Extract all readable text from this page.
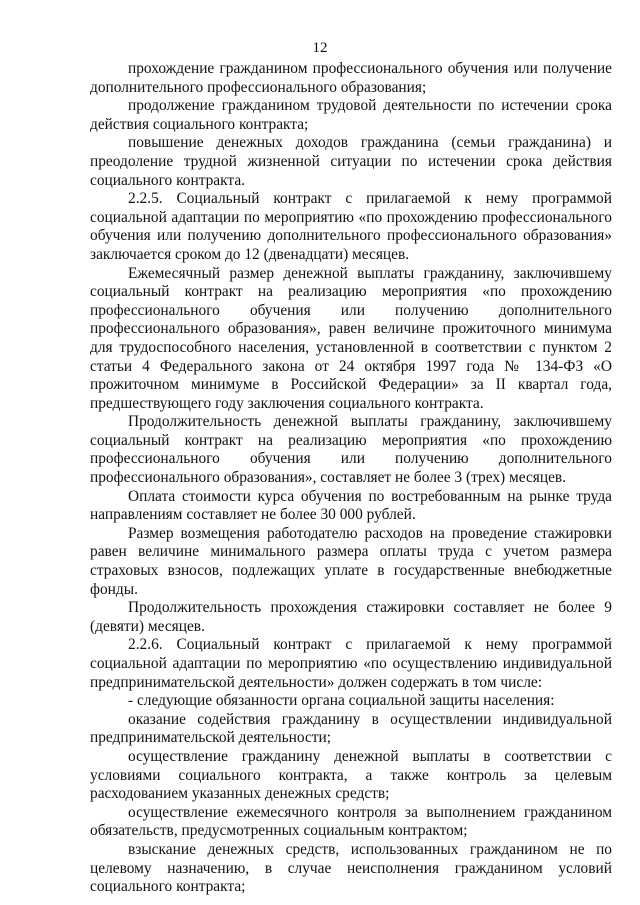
12

прохождение гражданином профессионального обучения или получение дополнительного профессионального образования;

продолжение гражданином трудовой деятельности по истечении срока действия социального контракта;

повышение денежных доходов гражданина (семьи гражданина) и преодоление трудной жизненной ситуации по истечении срока действия социального контракта.

2.2.5. Социальный контракт с прилагаемой к нему программой социальной адаптации по мероприятию «по прохождению профессионального обучения или получению дополнительного профессионального образования» заключается сроком до 12 (двенадцати) месяцев.

Ежемесячный размер денежной выплаты гражданину, заключившему социальный контракт на реализацию мероприятия «по прохождению профессионального обучения или получению дополнительного профессионального образования», равен величине прожиточного минимума для трудоспособного населения, установленной в соответствии с пунктом 2 статьи 4 Федерального закона от 24 октября 1997 года № 134-ФЗ «О прожиточном минимуме в Российской Федерации» за II квартал года, предшествующего году заключения социального контракта.

Продолжительность денежной выплаты гражданину, заключившему социальный контракт на реализацию мероприятия «по прохождению профессионального обучения или получению дополнительного профессионального образования», составляет не более 3 (трех) месяцев.

Оплата стоимости курса обучения по востребованным на рынке труда направлениям составляет не более 30 000 рублей.

Размер возмещения работодателю расходов на проведение стажировки равен величине минимального размера оплаты труда с учетом размера страховых взносов, подлежащих уплате в государственные внебюджетные фонды.

Продолжительность прохождения стажировки составляет не более 9 (девяти) месяцев.

2.2.6. Социальный контракт с прилагаемой к нему программой социальной адаптации по мероприятию «по осуществлению индивидуальной предпринимательской деятельности» должен содержать в том числе:

- следующие обязанности органа социальной защиты населения:

оказание содействия гражданину в осуществлении индивидуальной предпринимательской деятельности;

осуществление гражданину денежной выплаты в соответствии с условиями социального контракта, а также контроль за целевым расходованием указанных денежных средств;

осуществление ежемесячного контроля за выполнением гражданином обязательств, предусмотренных социальным контрактом;

взыскание денежных средств, использованных гражданином не по целевому назначению, в случае неисполнения гражданином условий социального контракта;
